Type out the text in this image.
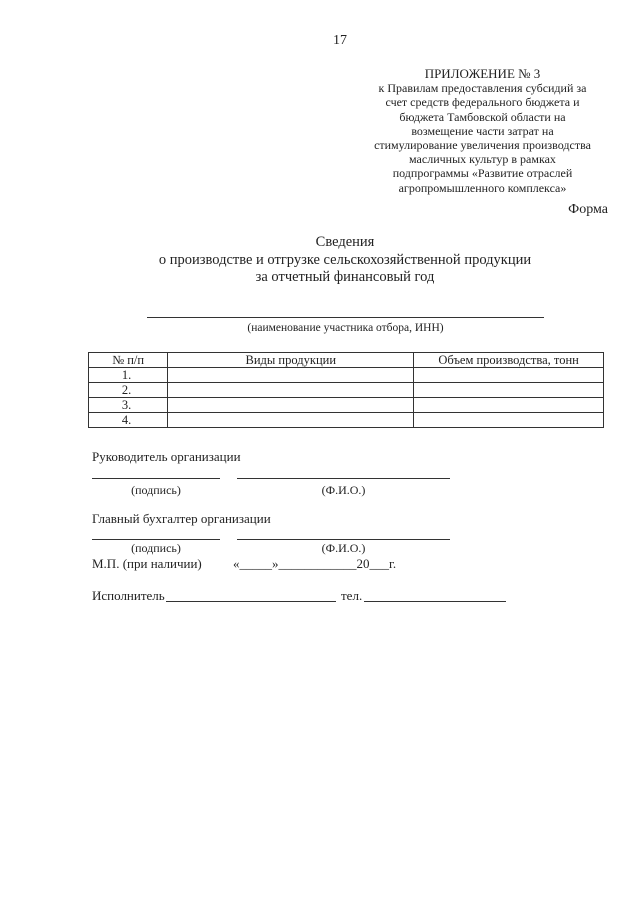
17
ПРИЛОЖЕНИЕ № 3
к Правилам предоставления субсидий за
счет средств федерального бюджета и
бюджета Тамбовской области на
возмещение части затрат на
стимулирование увеличения производства
масличных культур в рамках
подпрограммы «Развитие отраслей
агропромышленного комплекса»
Форма
Сведения
о производстве и отгрузке сельскохозяйственной продукции
за отчетный финансовый год
(наименование участника отбора, ИНН)
№ п/п	Виды продукции	Объем производства, тонн
1.		
2.		
3.		
4.		
Руководитель организации
(подпись)	(Ф.И.О.)
Главный бухгалтер организации
(подпись)	(Ф.И.О.)
М.П. (при наличии) «_____»____________20___г.
Исполнитель	тел.
